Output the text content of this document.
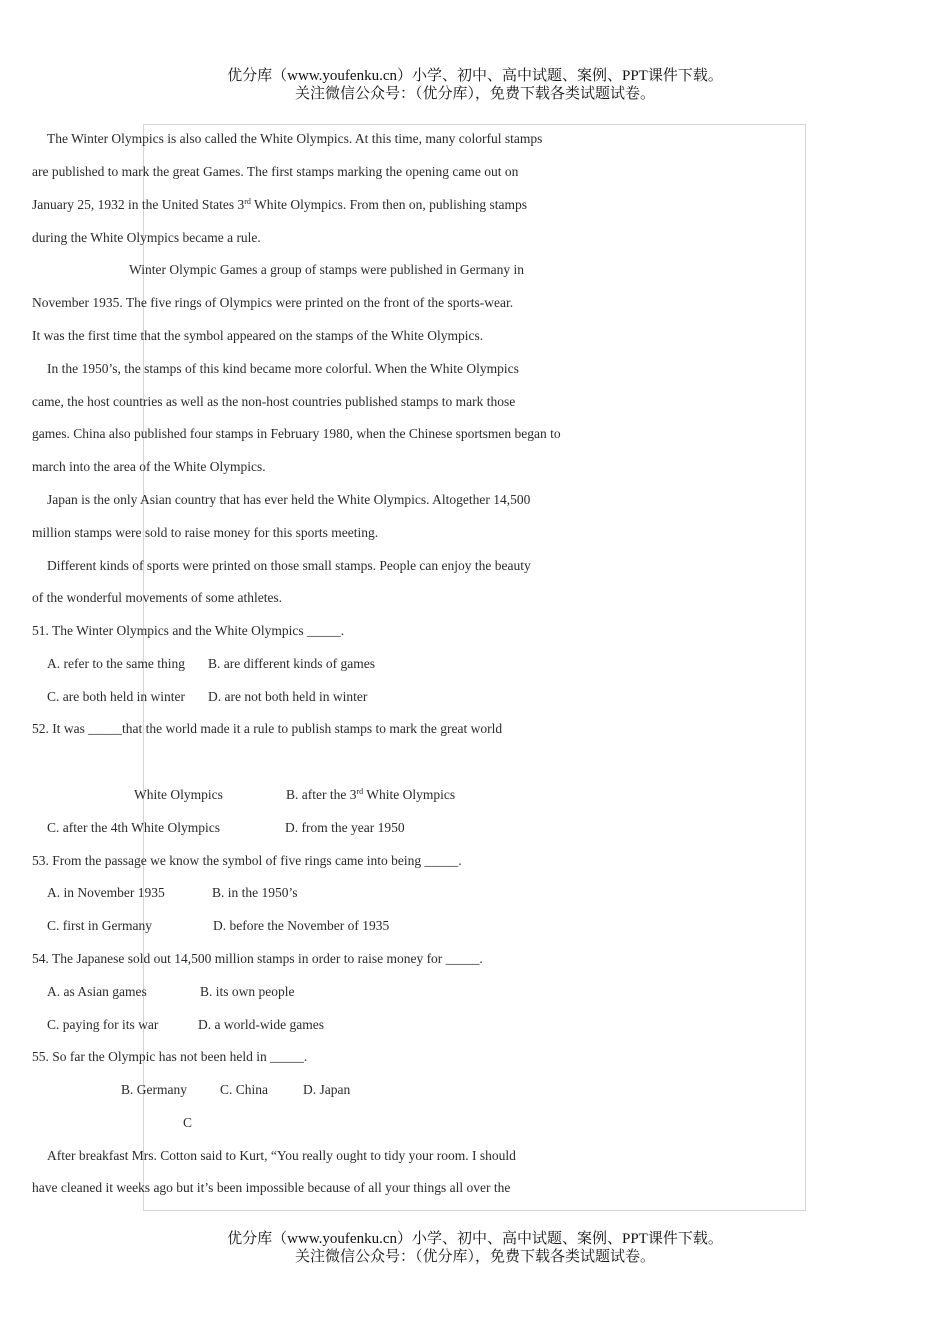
优分库（www.youfenku.cn）小学、初中、高中试题、案例、PPT课件下载。
关注微信公众号：（优分库），免费下载各类试题试卷。
The Winter Olympics is also called the White Olympics. At this time, many colorful stamps
are published to mark the great Games. The first stamps marking the opening came out on
January 25, 1932 in the United States 3rd White Olympics. From then on, publishing stamps
during the White Olympics became a rule.
Winter Olympic Games a group of stamps were published in Germany in
November 1935. The five rings of Olympics were printed on the front of the sports-wear.
It was the first time that the symbol appeared on the stamps of the White Olympics.
In the 1950’s, the stamps of this kind became more colorful. When the White Olympics
came, the host countries as well as the non-host countries published stamps to mark those
games. China also published four stamps in February 1980, when the Chinese sportsmen began to
march into the area of the White Olympics.
Japan is the only Asian country that has ever held the White Olympics. Altogether 14,500
million stamps were sold to raise money for this sports meeting.
Different kinds of sports were printed on those small stamps. People can enjoy the beauty
of the wonderful movements of some athletes.
51. The Winter Olympics and the White Olympics _____.
A. refer to the same thing B. are different kinds of games
C. are both held in winter D. are not both held in winter
52. It was _____that the world made it a rule to publish stamps to mark the great world
White Olympics	B. after the 3rd White Olympics
C. after the 4th White Olympics	D. from the year 1950
53. From the passage we know the symbol of five rings came into being _____.
A. in November 1935	B. in the 1950’s
C. first in Germany	D. before the November of 1935
54. The Japanese sold out 14,500 million stamps in order to raise money for _____.
A. as Asian games	B. its own people
C. paying for its war	D. a world-wide games
55. So far the Olympic has not been held in _____.
B. Germany C. China	D. Japan
C
After breakfast Mrs. Cotton said to Kurt, “You really ought to tidy your room. I should
have cleaned it weeks ago but it’s been impossible because of all your things all over the
优分库（www.youfenku.cn）小学、初中、高中试题、案例、PPT课件下载。
关注微信公众号：（优分库），免费下载各类试题试卷。
